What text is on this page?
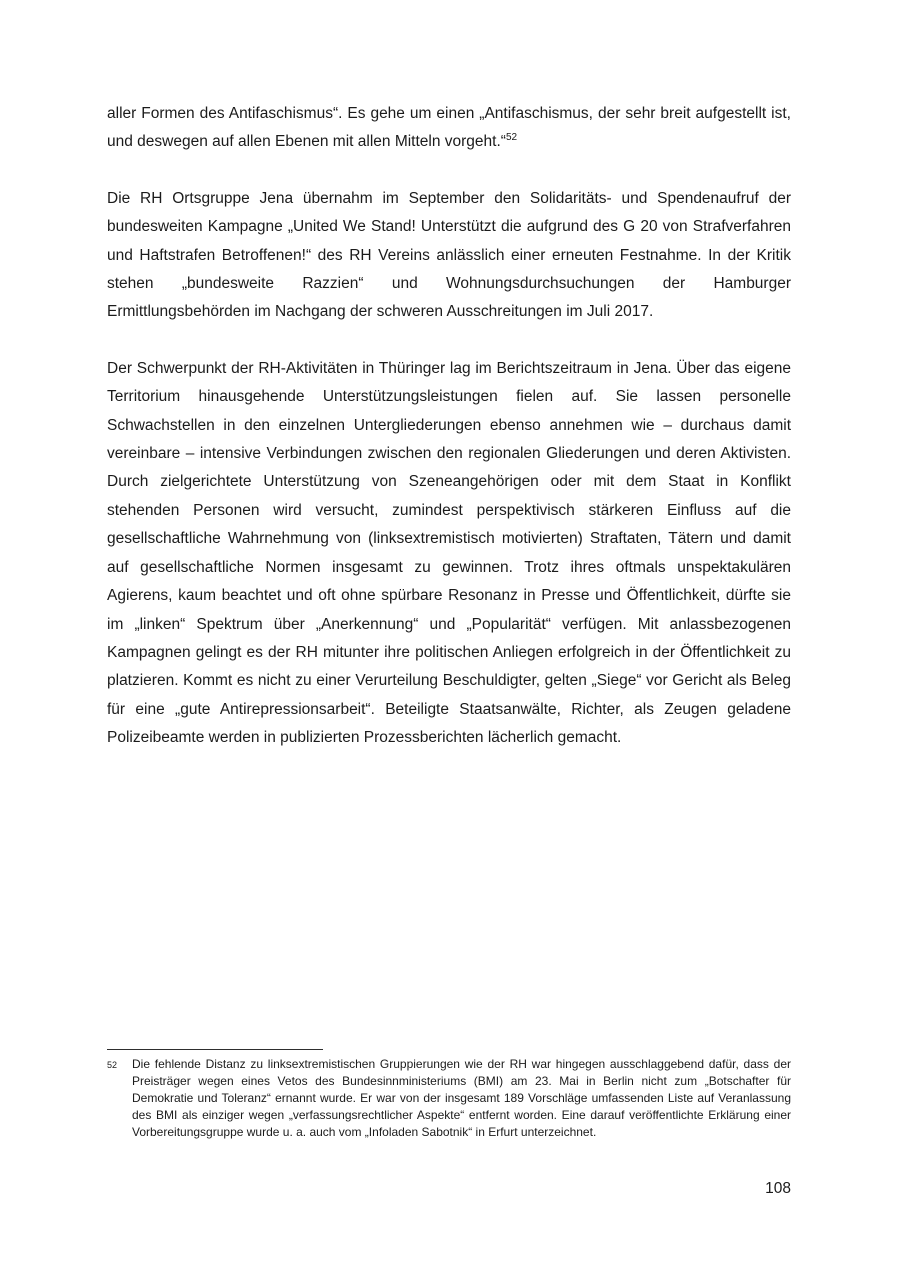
aller Formen des Antifaschismus“. Es gehe um einen „Antifaschismus, der sehr breit aufgestellt ist, und deswegen auf allen Ebenen mit allen Mitteln vorgeht.“$^{52}$

Die RH Ortsgruppe Jena übernahm im September den Solidaritäts- und Spendenaufruf der bundesweiten Kampagne „United We Stand! Unterstützt die aufgrund des G 20 von Strafverfahren und Haftstrafen Betroffenen!“ des RH Vereins anlässlich einer erneuten Festnahme. In der Kritik stehen „bundesweite Razzien“ und Wohnungsdurchsuchungen der Hamburger Ermittlungsbehörden im Nachgang der schweren Ausschreitungen im Juli 2017.

Der Schwerpunkt der RH-Aktivitäten in Thüringer lag im Berichtszeitraum in Jena. Über das eigene Territorium hinausgehende Unterstützungsleistungen fielen auf. Sie lassen personelle Schwachstellen in den einzelnen Untergliederungen ebenso annehmen wie – durchaus damit vereinbare – intensive Verbindungen zwischen den regionalen Gliederungen und deren Aktivisten. Durch zielgerichtete Unterstützung von Szeneangehörigen oder mit dem Staat in Konflikt stehenden Personen wird versucht, zumindest perspektivisch stärkeren Einfluss auf die gesellschaftliche Wahrnehmung von (linksextremistisch motivierten) Straftaten, Tätern und damit auf gesellschaftliche Normen insgesamt zu gewinnen. Trotz ihres oftmals unspektakulären Agierens, kaum beachtet und oft ohne spürbare Resonanz in Presse und Öffentlichkeit, dürfte sie im „linken“ Spektrum über „Anerkennung“ und „Popularität“ verfügen. Mit anlassbezogenen Kampagnen gelingt es der RH mitunter ihre politischen Anliegen erfolgreich in der Öffentlichkeit zu platzieren. Kommt es nicht zu einer Verurteilung Beschuldigter, gelten „Siege“ vor Gericht als Beleg für eine „gute Antirepressionsarbeit“. Beteiligte Staatsanwälte, Richter, als Zeugen geladene Polizeibeamte werden in publizierten Prozessberichten lächerlich gemacht.

52 Die fehlende Distanz zu linksextremistischen Gruppierungen wie der RH war hingegen ausschlaggebend dafür, dass der Preisträger wegen eines Vetos des Bundesinnministeriums (BMI) am 23. Mai in Berlin nicht zum „Botschafter für Demokratie und Toleranz“ ernannt wurde. Er war von der insgesamt 189 Vorschläge umfassenden Liste auf Veranlassung des BMI als einziger wegen „verfassungsrechtlicher Aspekte“ entfernt worden. Eine darauf veröffentlichte Erklärung einer Vorbereitungsgruppe wurde u. a. auch vom „Infoladen Sabotnik“ in Erfurt unterzeichnet.
108
